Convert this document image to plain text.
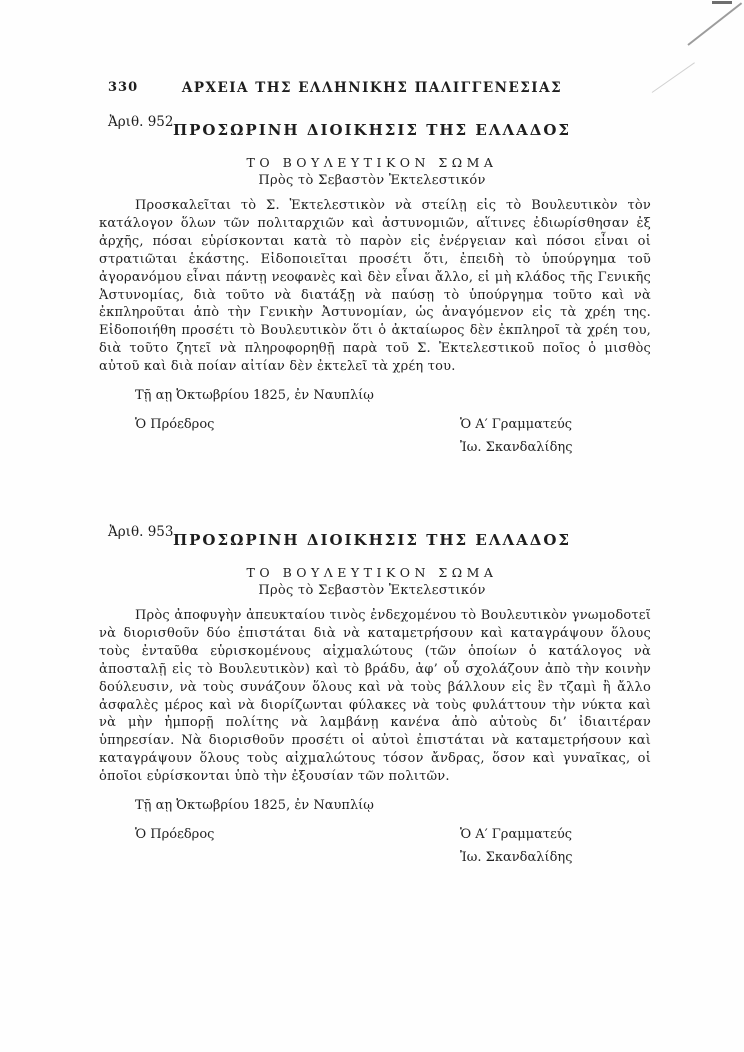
330	ΑΡΧΕΙΑ ΤΗΣ ΕΛΛΗΝΙΚΗΣ ΠΑΛΙΓΓΕΝΕΣΙΑΣ
Ἀριθ. 952 ΠΡΟΣΩΡΙΝΗ ΔΙΟΙΚΗΣΙΣ ΤΗΣ ΕΛΛΑΔΟΣ
ΤΟ ΒΟΥΛΕΥΤΙΚΟΝ ΣΩΜΑ
Πρὸς τὸ Σεβαστὸν Ἐκτελεστικόν

Προσκαλεῖται τὸ Σ. Ἐκτελεστικὸν νὰ στείλῃ εἰς τὸ Βουλευτικὸν τὸν κατάλογον ὅλων τῶν πολιταρχιῶν καὶ ἀστυνομιῶν, αἵτινες ἐδιωρίσθησαν ἐξ ἀρχῆς, πόσαι εὑρίσκονται κατὰ τὸ παρὸν εἰς ἐνέργειαν καὶ πόσοι εἶναι οἱ στρατιῶται ἑκάστης. Εἰδοποιεῖται προσέτι ὅτι, ἐπειδὴ τὸ ὑπούργημα τοῦ ἀγορανόμου εἶναι πάντῃ νεοφανὲς καὶ δὲν εἶναι ἄλλο, εἰ μὴ κλάδος τῆς Γενικῆς Ἀστυνομίας, διὰ τοῦτο νὰ διατάξῃ νὰ παύσῃ τὸ ὑπούργημα τοῦτο καὶ νὰ ἐκπληροῦται ἀπὸ τὴν Γενικὴν Ἀστυνομίαν, ὡς ἀναγόμενον εἰς τὰ χρέη της. Εἰδοποιήθη προσέτι τὸ Βουλευτικὸν ὅτι ὁ ἀκταίωρος δὲν ἐκπληροῖ τὰ χρέη του, διὰ τοῦτο ζητεῖ νὰ πληροφορηθῇ παρὰ τοῦ Σ. Ἐκτελεστικοῦ ποῖος ὁ μισθὸς αὐτοῦ καὶ διὰ ποίαν αἰτίαν δὲν ἐκτελεῖ τὰ χρέη του.

Τῇ αῃ Ὀκτωβρίου 1825, ἐν Ναυπλίῳ
Ὁ Πρόεδρος	Ὁ Α′ Γραμματεύς
Ἰω. Σκανδαλίδης
Ἀριθ. 953 ΠΡΟΣΩΡΙΝΗ ΔΙΟΙΚΗΣΙΣ ΤΗΣ ΕΛΛΑΔΟΣ
ΤΟ ΒΟΥΛΕΥΤΙΚΟΝ ΣΩΜΑ
Πρὸς τὸ Σεβαστὸν Ἐκτελεστικόν

Πρὸς ἀποφυγὴν ἀπευκταίου τινὸς ἐνδεχομένου τὸ Βουλευτικὸν γνωμοδοτεῖ νὰ διορισθοῦν δύο ἐπιστάται διὰ νὰ καταμετρήσουν καὶ καταγράψουν ὅλους τοὺς ἐνταῦθα εὑρισκομένους αἰχμαλώτους (τῶν ὁποίων ὁ κατάλογος νὰ ἀποσταλῇ εἰς τὸ Βουλευτικὸν) καὶ τὸ βράδυ, ἀφ’ οὗ σχολάζουν ἀπὸ τὴν κοινὴν δούλευσιν, νὰ τοὺς συνάζουν ὅλους καὶ νὰ τοὺς βάλλουν εἰς ἓν τζαμὶ ἢ ἄλλο ἀσφαλὲς μέρος καὶ νὰ διορίζωνται φύλακες νὰ τοὺς φυλάττουν τὴν νύκτα καὶ νὰ μὴν ἠμπορῇ πολίτης νὰ λαμβάνῃ κανένα ἀπὸ αὐτοὺς δι’ ἰδιαιτέραν ὑπηρεσίαν. Νὰ διορισθοῦν προσέτι οἱ αὐτοὶ ἐπιστάται νὰ καταμετρήσουν καὶ καταγράψουν ὅλους τοὺς αἰχμαλώτους τόσον ἄνδρας, ὅσον καὶ γυναῖκας, οἱ ὁποῖοι εὑρίσκονται ὑπὸ τὴν ἐξουσίαν τῶν πολιτῶν.

Τῇ αῃ Ὀκτωβρίου 1825, ἐν Ναυπλίῳ
Ὁ Πρόεδρος	Ὁ Α′ Γραμματεύς
Ἰω. Σκανδαλίδης
